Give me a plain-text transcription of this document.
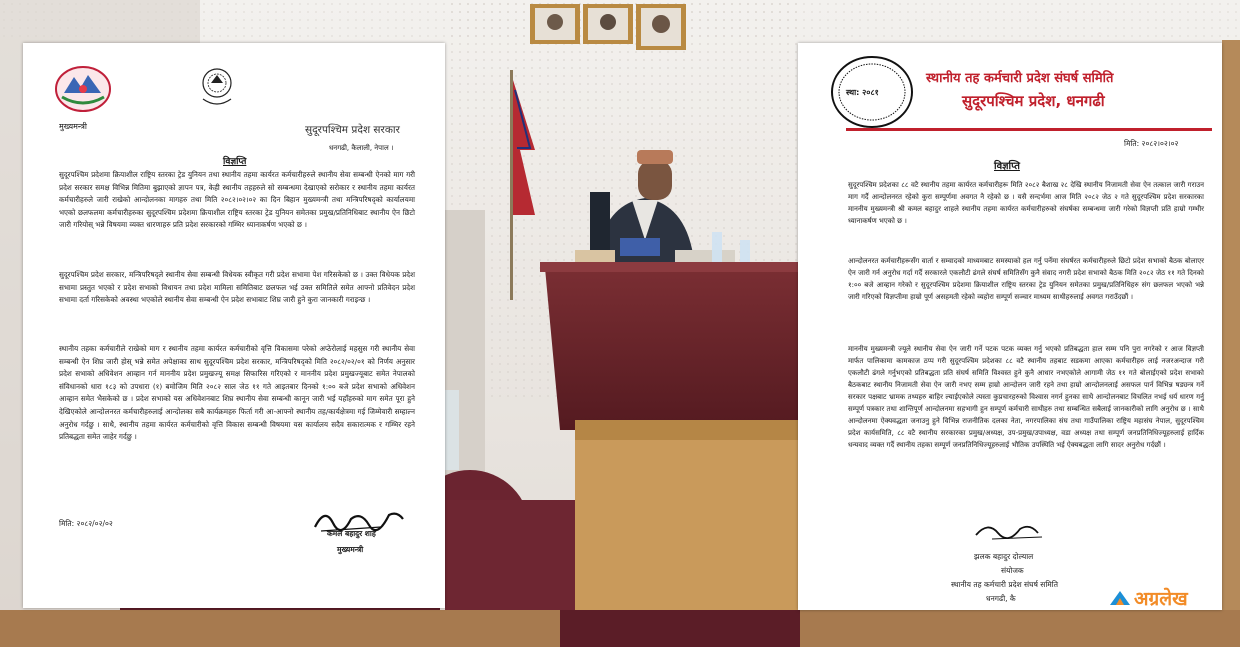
मुख्यमन्त्री	सुदूरपश्चिम प्रदेश सरकार
धनगढी, कैलाली, नेपाल ।
विज्ञप्ति

सुदूरपश्चिम प्रदेशमा क्रियाशील राष्ट्रिय स्तरका ट्रेड युनियन तथा स्थानीय तहमा कार्यरत कर्मचारीहरुले स्थानीय सेवा सम्बन्धी ऐनको माग गरी प्रदेश सरकार समक्ष विभिन्न मितिमा बुझाएको ज्ञापन पत्र, केही स्थानीय तहहरुले सो सम्बन्धमा देखाएको सरोकार र स्थानीय तहमा कार्यरत कर्मचारीहरुले जारी राखेको आन्दोलनका मागहरु तथा मिति २०८२।०२।०२ का दिन बिहान मुख्यमन्त्री तथा मन्त्रिपरिषद्को कार्यालयमा भएको छलफलमा कर्मचारीहरुका सुदूरपश्चिम प्रदेशमा क्रियाशील राष्ट्रिय स्तरका ट्रेड युनियन समेतका प्रमुख/प्रतिनिधिबाट स्थानीय ऐन छिटो जारी गरियोस् भन्ने विषयमा व्यक्त धारणाहरु प्रति प्रदेश सरकारको गम्भिर ध्यानाकर्षण भएको छ ।

सुदूरपश्चिम प्रदेश सरकार, मन्त्रिपरिषद्ले स्थानीय सेवा सम्बन्धी विधेयक स्वीकृत गरी प्रदेश सभामा पेश गरिसकेको छ । उक्त विधेयक प्रदेश सभामा प्रस्तुत भएको र प्रदेश सभाको विधायन तथा प्रदेश मामिला समितिबाट छलफल भई उक्त समितिले समेत आफ्नो प्रतिवेदन प्रदेश सभामा दर्ता गरिसकेको अवस्था भएकोले स्थानीय सेवा सम्बन्धी ऐन प्रदेश सभाबाट शिघ्र जारी हुने कुरा जानकारी गराइन्छ ।

स्थानीय तहका कर्मचारीले राखेको माग र स्थानीय तहमा कार्यरत कर्मचारीको वृत्ति विकासमा परेको अप्ठेरोलाई महसुस गरी स्थानीय सेवा सम्बन्धी ऐन शिघ्र जारी होस् भन्ने समेत अपेक्षाका साथ सुदूरपश्चिम प्रदेश सरकार, मन्त्रिपरिषद्को मिति २०८२/०२/०१ को निर्णय अनुसार प्रदेश सभाको अधिवेशन आव्हान गर्न माननीय प्रदेश प्रमुखज्यू समक्ष सिफारिस गरिएको र माननीय प्रदेश प्रमुखज्यूबाट समेत नेपालको संविधानको धारा १८३ को उपधारा (१) बमोजिम मिति २०८२ साल जेठ ११ गते आइतबार दिनको १:०० बजे प्रदेश सभाको अधिवेशन आव्हान समेत भैसकेको छ । प्रदेश सभाको यस अधिवेशनबाट शिघ्र स्थानीय सेवा सम्बन्धी कानून जारी भई यहाँहरुको माग समेत पूरा हुने देखिएकोले आन्दोलनरत कर्मचारीहरुलाई आन्दोलका सबै कार्यक्रमहरु फिर्ता गरी आ-आफ्नो स्थानीय तह/कार्यक्षेत्रमा गई जिम्मेवारी सम्हाल्न अनुरोध गर्दछु । साथै, स्थानीय तहमा कार्यरत कर्मचारीको वृत्ति विकास सम्बन्धी विषयमा यस कार्यालय सदैव सकारात्मक र गम्भिर रहने प्रतिबद्धता समेत जाहेर गर्दछु ।

मिति: २०८२/०२/०२
कमल बहादुर शाह
मुख्यमन्त्री
स्था: २०८१
स्थानीय तह कर्मचारी प्रदेश संघर्ष समिति
सुदूरपश्चिम प्रदेश, धनगढी
मिति: २०८२।०२।०२
विज्ञप्ति

सुदूरपश्चिम प्रदेशका ८८ वटै स्थानीय तहमा कार्यरत कर्मचारीहरू मिति २०८२ बैशाख २८ देखि स्थानीय निजामती सेवा ऐन तत्काल जारी गराउन माग गर्दै आन्दोलनरत रहेको कुरा सम्पूर्णमा अवगत नै रहेको छ । यसै सन्दर्भमा आज मिति २०८२ जेठ २ गते सुदूरपश्चिम प्रदेश सरकारका माननीय मुख्यमन्त्री श्री कमल बहादुर शाहले स्थानीय तहमा कार्यरत कर्मचारीहरुको संघर्षका सम्बन्धमा जारी गरेको विज्ञप्ती प्रति हाम्रो गम्भीर ध्यानाकर्षण भएको छ ।

आन्दोलनरत कर्मचारीहरूसँग वार्ता र सम्वादको माध्यमबाट समस्याको हल गर्नु पर्नेमा संघर्षरत कर्मचारीहरुले छिटो प्रदेश सभाको बैठक बोलाएर ऐन जारी गर्न अनुरोध गर्दा गर्दै सरकारले एकलौटी ढंगले संघर्ष समितिसँग कुनै संवाद नगरी प्रदेश सभाको बैठक मिति २०८२ जेठ ११ गते दिनको १:०० बजे आव्हान गरेको र सुदूरपश्चिम प्रदेशमा क्रियाशील राष्ट्रिय स्तरका ट्रेड युनियन समेतका प्रमुख/प्रतिनिधिहरु संग छलफल भएको भन्ने जारी गरिएको विज्ञप्तीमा हाम्रो पूर्ण असहमती रहेको व्यहोरा सम्पूर्ण सञ्चार माध्यम साथीहरुलाई अवगत गराउँदछौं ।

माननीय मुख्यमन्त्री ज्यूले स्थानीय सेवा ऐन जारी गर्ने पटक पटक व्यक्त गर्नु भएको प्रतिबद्धता हाल सम्म पनि पुरा नगरेको र आज विज्ञप्ती मार्फत पालिकामा कामकाज ठप्प गरी सुदूरपश्चिम प्रदेशका ८८ वटै स्थानीय तहबाट सडकमा आएका कर्मचारीहरु लाई नजरअन्दाज गरी एकलौटी ढंगले गर्नुभएको प्रतिबद्धता प्रति संघर्ष समिति विश्वस्त हुने कुनै आधार नभएकोले आगामी जेठ ११ गते बोलाईएको प्रदेश सभाको बैठकबाट स्थानीय निजामती सेवा ऐन जारी नभए सम्म हाम्रो आन्दोलन जारी रहने तथा हाम्रो आन्दोलनलाई असफल पार्न विभिन्न षड्यन्त्र गर्ने सरकार पक्षबाट भ्रामक तथ्यहरु बाहिर ल्याईएकोले त्यस्ता कुप्रचारहरुको विश्वास नगर्न हुनका साथै आन्दोलनबाट विचलित नभई धर्य धारण गर्नु सम्पूर्ण पत्रकार तथा शान्तिपूर्ण आन्दोलनमा सहभागी हुन सम्पूर्ण कर्मचारी साथीहरु तथा सम्बन्धित सबैलाई जानकारीको लागि अनुरोध छ । साथै आन्दोलनमा ऐक्यवद्धता जनाउनु हुने विभिन्न राजनीतिक दलका नेता, नगरपालिका संघ तथा गाउँपालिका राष्ट्रिय महासंघ नेपाल, सुदूरपश्चिम प्रदेश कार्यसमिति, ८८ वटै स्थानीय सरकारका प्रमुख/अध्यक्ष, उप-प्रमुख/उपाध्यक्ष, वडा अध्यक्ष तथा सम्पूर्ण जनप्रतिनिधिज्यूहरुलाई हार्दिक धन्यवाद व्यक्त गर्दै स्थानीय तहका सम्पूर्ण जनप्रतिनिधिज्यूहरुलाई भौतिक उपस्थिति भई ऐक्यबद्धता लागि सादर अनुरोध गर्दछौं ।

झलक बहादुर दोल्याल
संयोजक
स्थानीय तह कर्मचारी प्रदेश संघर्ष समिति
धनगढी, कै	अग्रलेख
